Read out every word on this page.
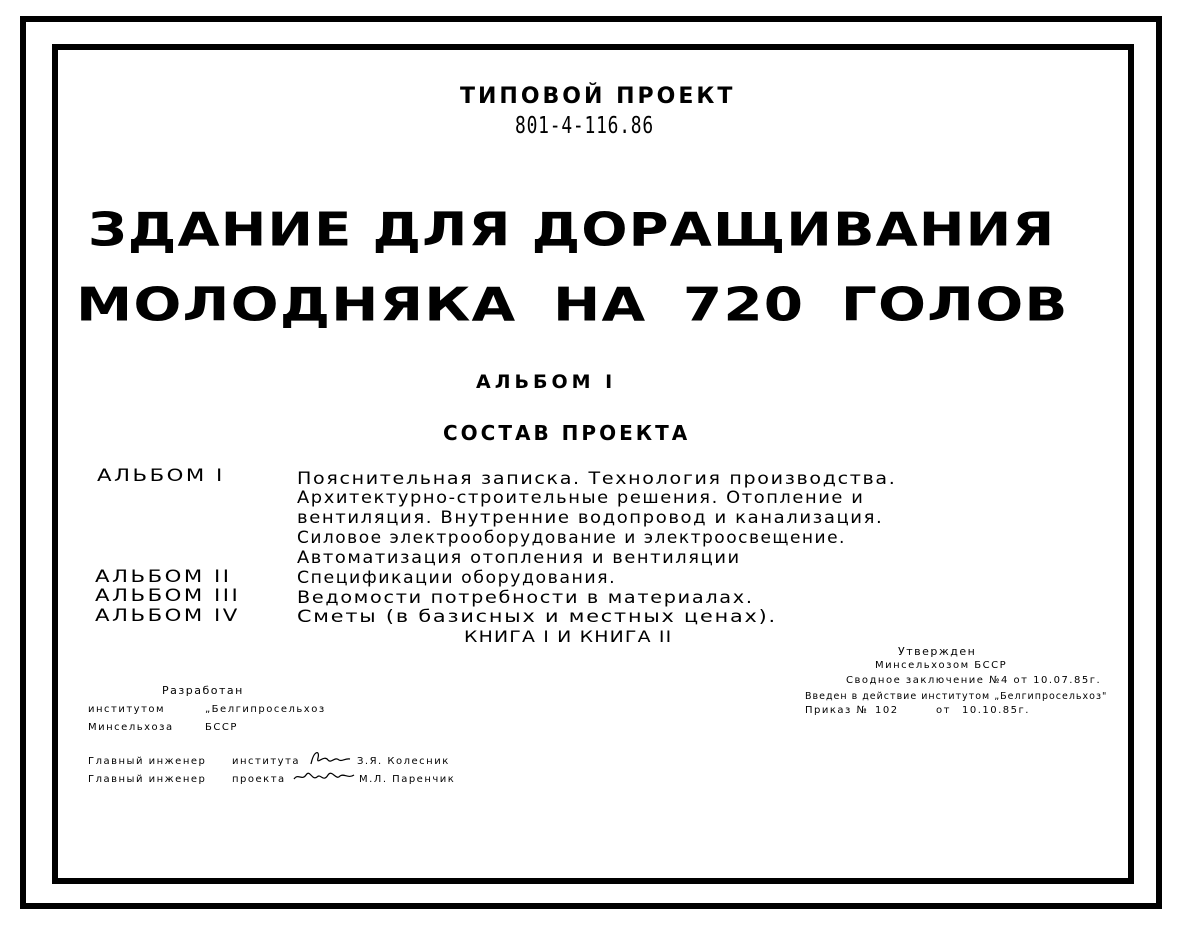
ТИПОВОЙ ПРОЕКТ
801-4-116.86
ЗДАНИЕ ДЛЯ ДОРАЩИВАНИЯ
МОЛОДНЯКА НА 720 ГОЛОВ
АЛЬБОМ I
СОСТАВ ПРОЕКТА
АЛЬБОМ I	Пояснительная записка. Технология производства.
Архитектурно-строительные решения. Отопление и
вентиляция. Внутренние водопровод и канализация.
Силовое электрооборудование и электроосвещение.
Автоматизация отопления и вентиляции
АЛЬБОМ II	Спецификации оборудования.
АЛЬБОМ III	Ведомости потребности в материалах.
АЛЬБОМ IV	Сметы (в базисных и местных ценах).
КНИГА I И КНИГА II
Разработан
институтом	„Белгипросельхоз
Минсельхоза	БССР
Главный инженер	института	З.Я. Колесник
Главный инженер	проекта	М.Л. Паренчик
Утвержден
Минсельхозом БССР
Сводное заключение №4 от 10.07.85г.
Введен в действие институтом „Белгипросельхоз"
Приказ № 102	от 10.10.85г.
